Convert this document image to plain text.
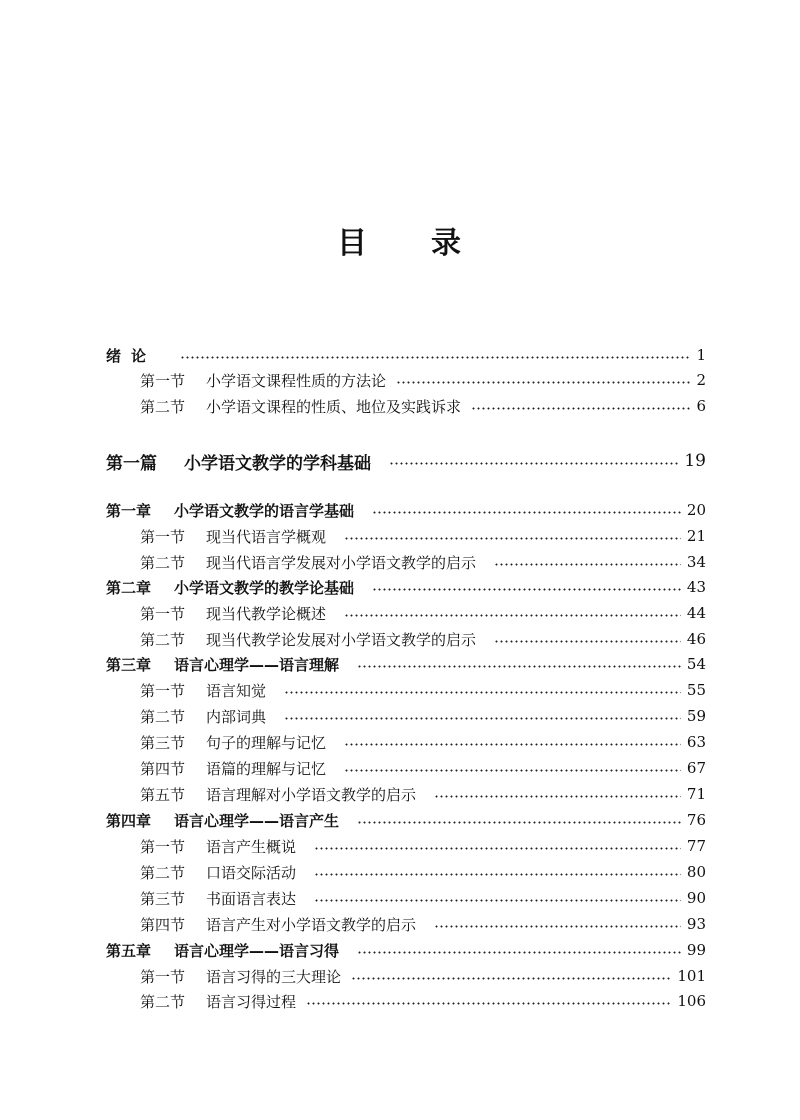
目 录
绪论	1
第一节	小学语文课程性质的方法论	2
第二节	小学语文课程的性质、地位及实践诉求	6
第一篇	小学语文教学的学科基础	19
第一章	小学语文教学的语言学基础	20
第一节	现当代语言学概观	21
第二节	现当代语言学发展对小学语文教学的启示	34
第二章	小学语文教学的教学论基础	43
第一节	现当代教学论概述	44
第二节	现当代教学论发展对小学语文教学的启示	46
第三章	语言心理学——语言理解	54
第一节	语言知觉	55
第二节	内部词典	59
第三节	句子的理解与记忆	63
第四节	语篇的理解与记忆	67
第五节	语言理解对小学语文教学的启示	71
第四章	语言心理学——语言产生	76
第一节	语言产生概说	77
第二节	口语交际活动	80
第三节	书面语言表达	90
第四节	语言产生对小学语文教学的启示	93
第五章	语言心理学——语言习得	99
第一节	语言习得的三大理论	101
第二节	语言习得过程	106
